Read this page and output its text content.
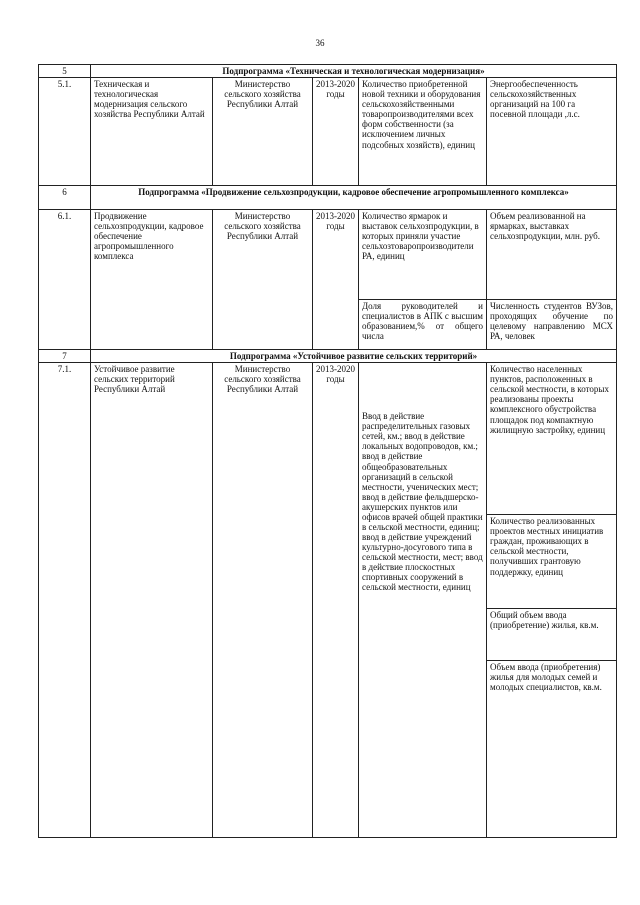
36
5	Подпрограмма «Техническая и технологическая модернизация»				
5.1.	Техническая и технологическая модернизация сельского хозяйства Республики Алтай	Министерство сельского хозяйства Республики Алтай	2013-2020 годы	Количество приобретенной новой техники и оборудования сельскохозяйственными товаропроизводителями всех форм собственности (за исключением личных подсобных хозяйств), единиц	Энергообеспеченность сельскохозяйственных организаций на 100 га посевной площади ,л.с.
6	Подпрограмма «Продвижение сельхозпродукции, кадровое обеспечение агропромышленного комплекса»				
6.1.	Продвижение сельхозпродукции, кадровое обеспечение агропромышленного комплекса	Министерство сельского хозяйства Республики Алтай	2013-2020 годы	Количество ярмарок и выставок сельхозпродукции, в которых приняли участие сельхозтоваропроизводители РА, единиц	Объем реализованной на ярмарках, выставках сельхозпродукции, млн. руб.
				Доля руководителей и специалистов в АПК с высшим образованием,% от общего числа	Численность студентов ВУЗов, проходящих обучение по целевому направлению МСХ РА, человек
7	Подпрограмма «Устойчивое развитие сельских территорий»				
7.1.	Устойчивое развитие сельских территорий Республики Алтай	Министерство сельского хозяйства Республики Алтай	2013-2020 годы	Ввод в действие распределительных газовых сетей, км.; ввод в действие локальных водопроводов, км.; ввод в действие общеобразовательных организаций в сельской местности, ученических мест; ввод в действие фельдшерско-акушерских пунктов или офисов врачей общей практики в сельской местности, единиц; ввод в действие учреждений культурно-досугового типа в сельской местности, мест; ввод в действие плоскостных спортивных сооружений в сельской местности, единиц	Количество населенных пунктов, расположенных в сельской местности, в которых реализованы проекты комплексного обустройства площадок под компактную жилищную застройку, единиц
					Количество реализованных проектов местных инициатив граждан, проживающих в сельской местности, получивших грантовую поддержку, единиц
					Общий объем ввода (приобретение) жилья, кв.м.
					Объем ввода (приобретения) жилья для молодых семей и молодых специалистов, кв.м.
